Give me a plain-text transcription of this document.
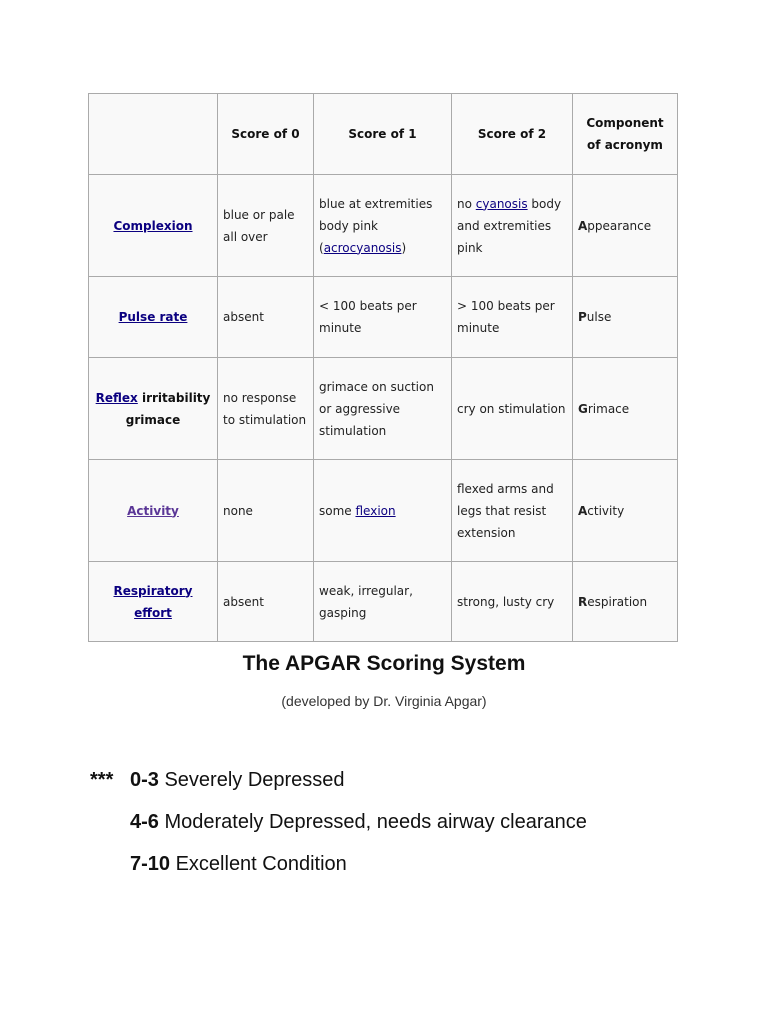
	Score of 0	Score of 1	Score of 2	Component of acronym
Complexion	blue or pale all over	blue at extremities body pink (acrocyanosis)	no cyanosis body and extremities pink	Appearance
Pulse rate	absent	< 100 beats per minute	> 100 beats per minute	Pulse
Reflex irritability grimace	no response to stimulation	grimace on suction or aggressive stimulation	cry on stimulation	Grimace
Activity	none	some flexion	flexed arms and legs that resist extension	Activity
Respiratory effort	absent	weak, irregular, gasping	strong, lusty cry	Respiration
The APGAR Scoring System
(developed by Dr. Virginia Apgar)
*** 0-3 Severely Depressed
4-6 Moderately Depressed, needs airway clearance
7-10 Excellent Condition
